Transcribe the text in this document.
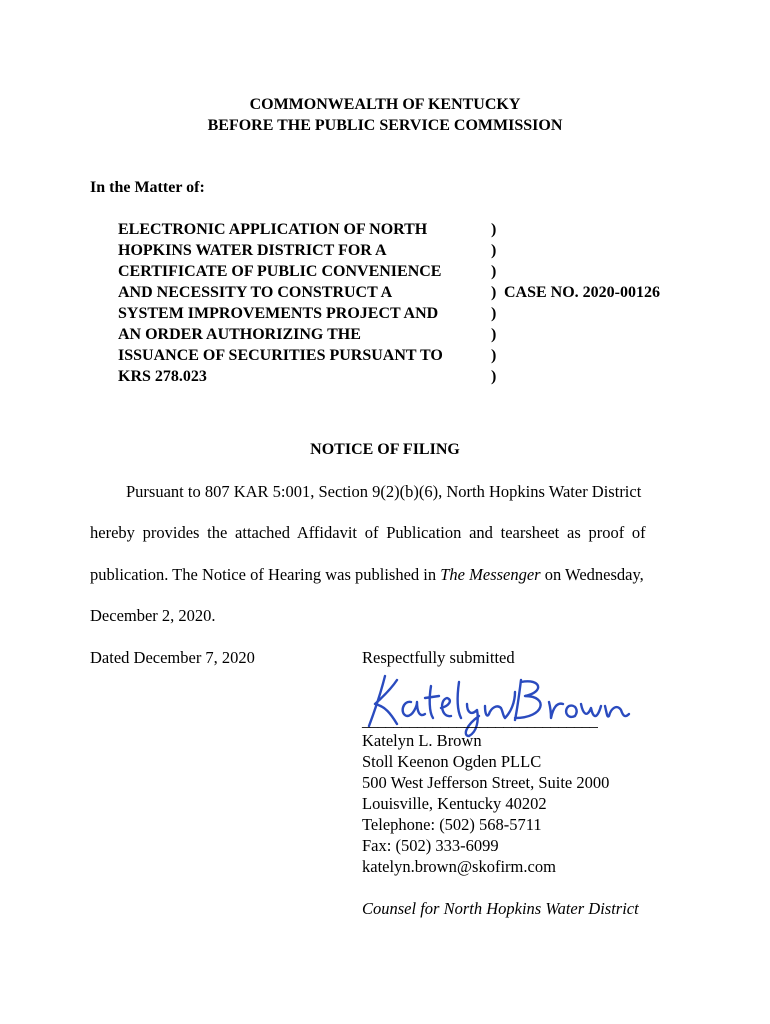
COMMONWEALTH OF KENTUCKY
BEFORE THE PUBLIC SERVICE COMMISSION
In the Matter of:
ELECTRONIC APPLICATION OF NORTH
HOPKINS WATER DISTRICT FOR A
CERTIFICATE OF PUBLIC CONVENIENCE
AND NECESSITY TO CONSTRUCT A
SYSTEM IMPROVEMENTS PROJECT AND
AN ORDER AUTHORIZING THE
ISSUANCE OF SECURITIES PURSUANT TO
KRS 278.023
)
)
)
)
)
)
)
)
CASE NO. 2020-00126
NOTICE OF FILING
Pursuant to 807 KAR 5:001, Section 9(2)(b)(6), North Hopkins Water District
hereby provides the attached Affidavit of Publication and tearsheet as proof of
publication. The Notice of Hearing was published in The Messenger on Wednesday,
December 2, 2020.
Dated December 7, 2020	Respectfully submitted
______________________________
Katelyn L. Brown
Stoll Keenon Ogden PLLC
500 West Jefferson Street, Suite 2000
Louisville, Kentucky 40202
Telephone: (502) 568-5711
Fax: (502) 333-6099
katelyn.brown@skofirm.com
Counsel for North Hopkins Water District
